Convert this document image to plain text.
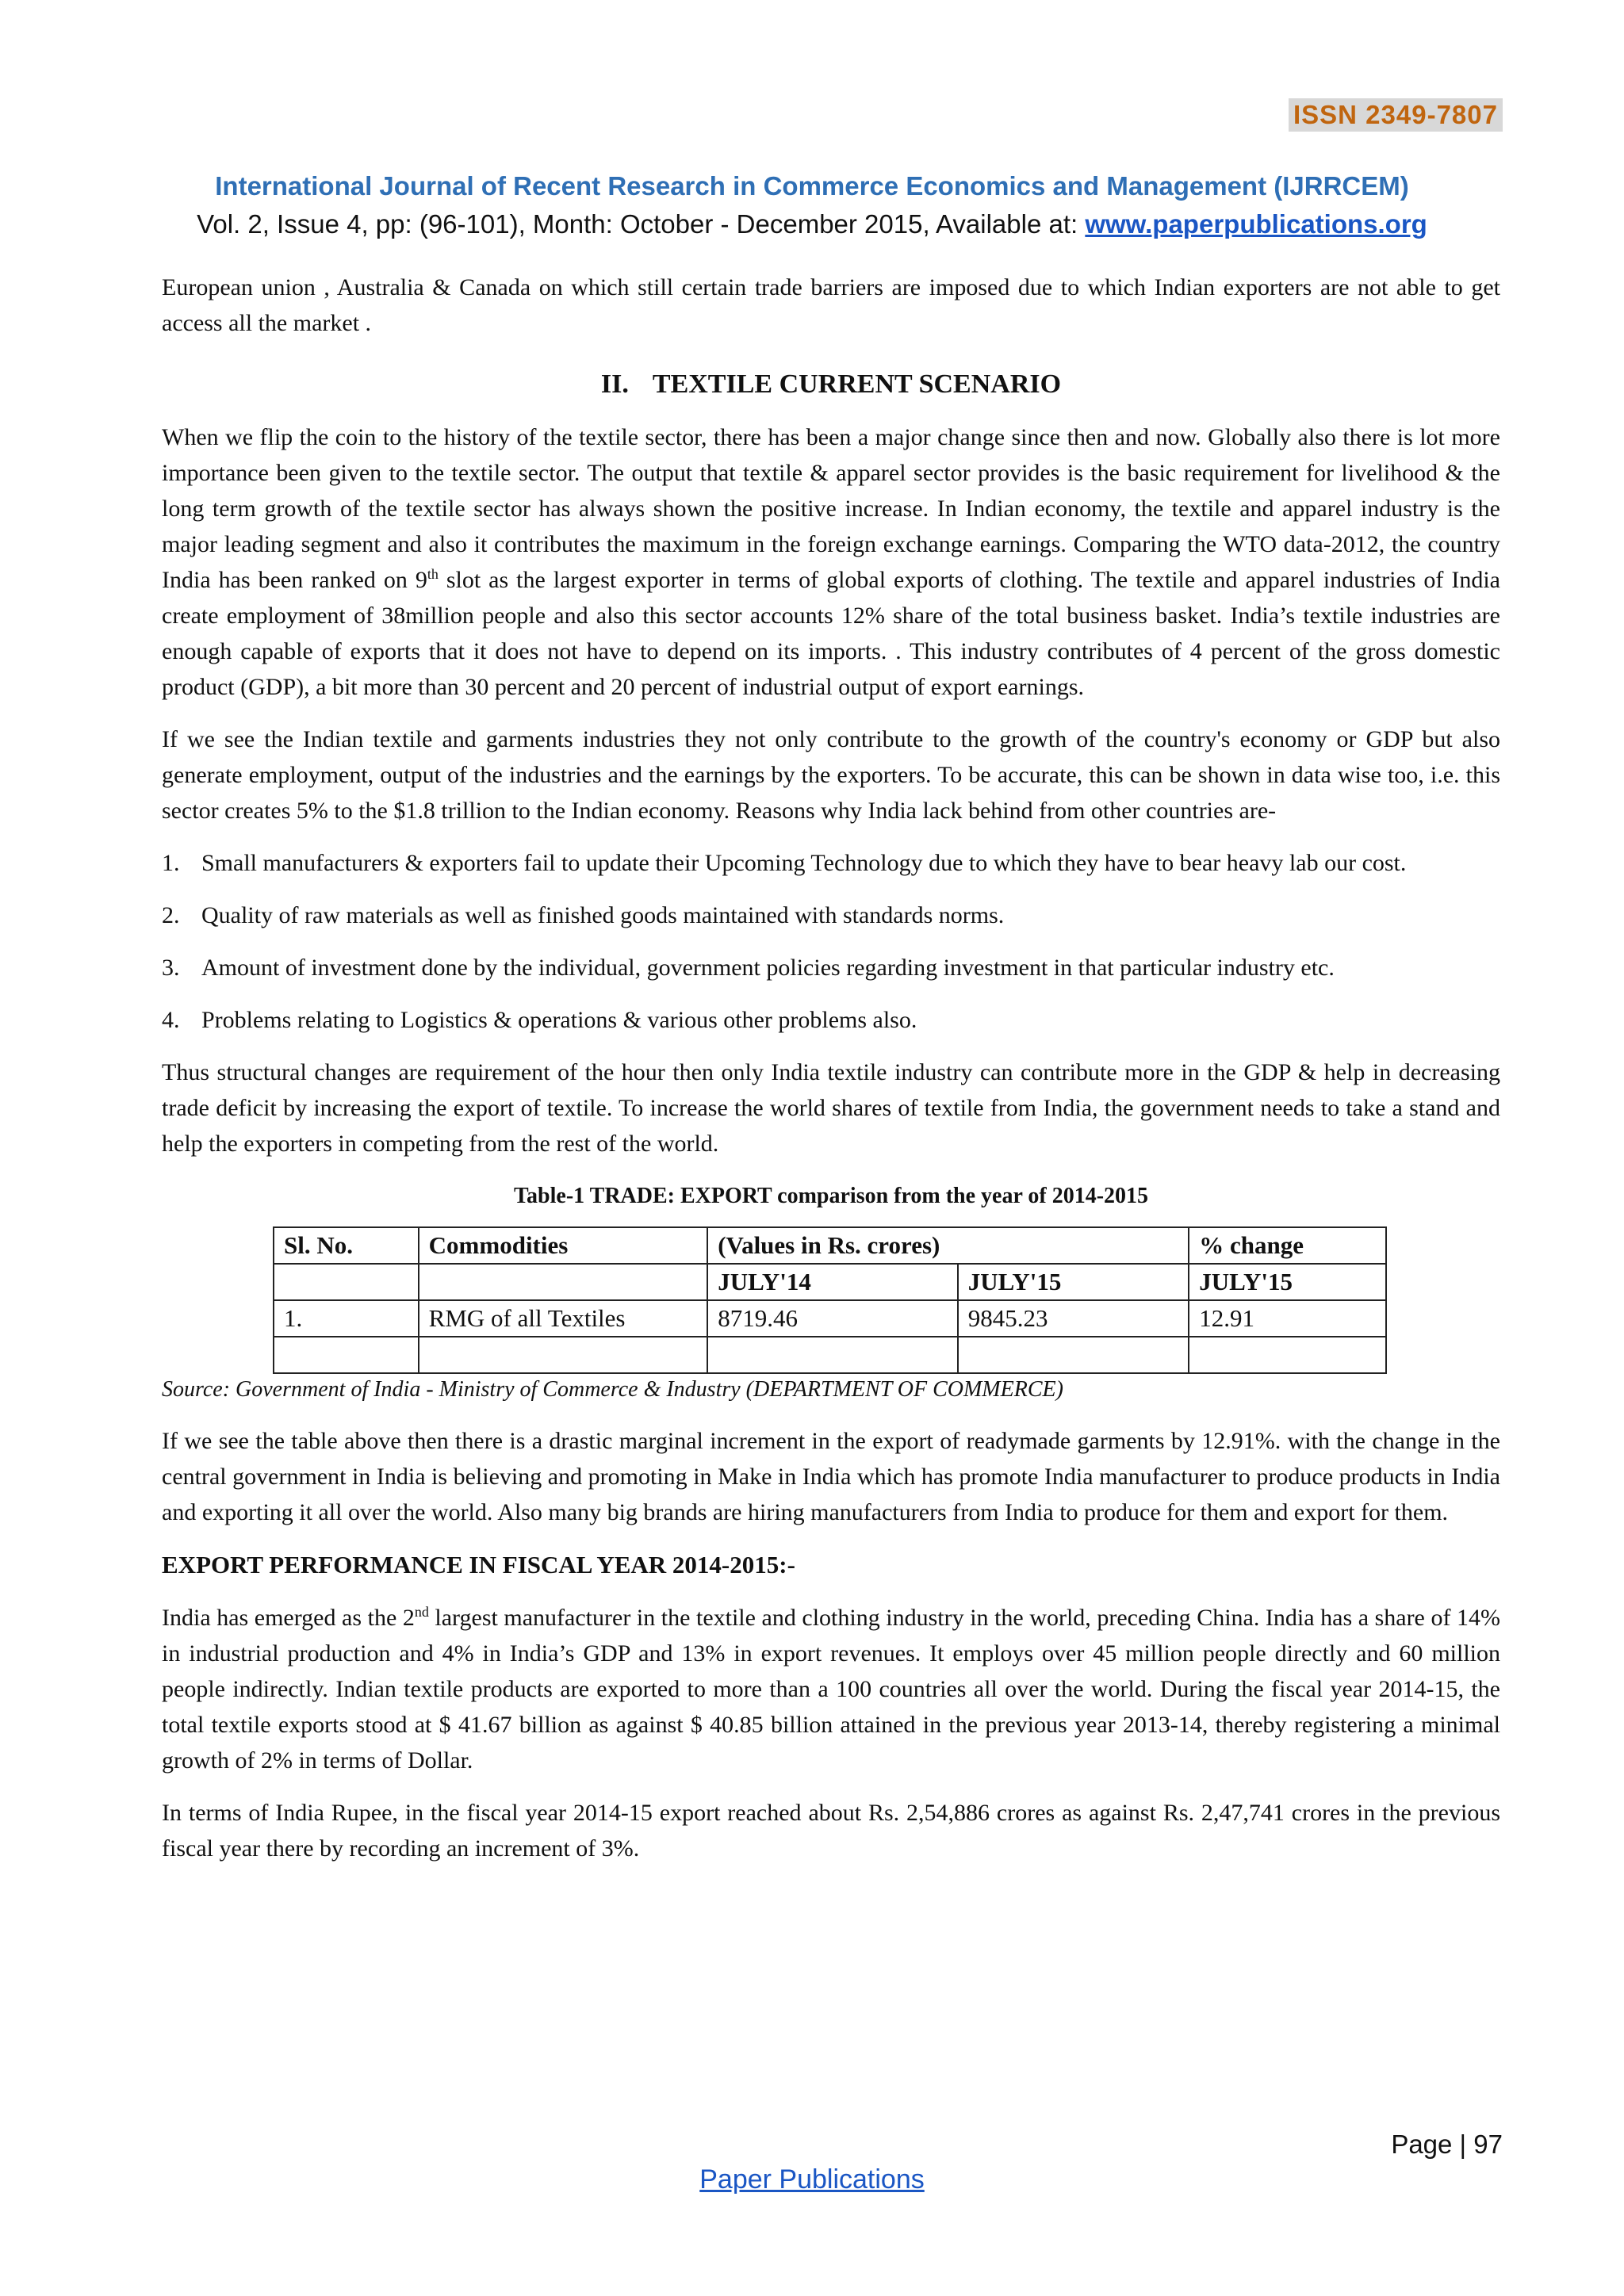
ISSN 2349-7807
International Journal of Recent Research in Commerce Economics and Management (IJRRCEM)
Vol. 2, Issue 4, pp: (96-101), Month: October - December 2015, Available at: www.paperpublications.org

European union , Australia & Canada on which still certain trade barriers are imposed due to which Indian exporters are not able to get access all the market .

II. TEXTILE CURRENT SCENARIO

When we flip the coin to the history of the textile sector, there has been a major change since then and now. Globally also there is lot more importance been given to the textile sector. The output that textile & apparel sector provides is the basic requirement for livelihood & the long term growth of the textile sector has always shown the positive increase. In Indian economy, the textile and apparel industry is the major leading segment and also it contributes the maximum in the foreign exchange earnings. Comparing the WTO data-2012, the country India has been ranked on 9th slot as the largest exporter in terms of global exports of clothing. The textile and apparel industries of India create employment of 38million people and also this sector accounts 12% share of the total business basket. India’s textile industries are enough capable of exports that it does not have to depend on its imports. . This industry contributes of 4 percent of the gross domestic product (GDP), a bit more than 30 percent and 20 percent of industrial output of export earnings.

If we see the Indian textile and garments industries they not only contribute to the growth of the country's economy or GDP but also generate employment, output of the industries and the earnings by the exporters. To be accurate, this can be shown in data wise too, i.e. this sector creates 5% to the $1.8 trillion to the Indian economy. Reasons why India lack behind from other countries are-

1. Small manufacturers & exporters fail to update their Upcoming Technology due to which they have to bear heavy lab our cost.
2. Quality of raw materials as well as finished goods maintained with standards norms.
3. Amount of investment done by the individual, government policies regarding investment in that particular industry etc.
4. Problems relating to Logistics & operations & various other problems also.

Thus structural changes are requirement of the hour then only India textile industry can contribute more in the GDP & help in decreasing trade deficit by increasing the export of textile. To increase the world shares of textile from India, the government needs to take a stand and help the exporters in competing from the rest of the world.

Table-1 TRADE: EXPORT comparison from the year of 2014-2015

Sl. No.	Commodities	(Values in Rs. crores)		% change
		JULY'14	JULY'15	JULY'15
1.	RMG of all Textiles	8719.46	9845.23	12.91

Source: Government of India - Ministry of Commerce & Industry (DEPARTMENT OF COMMERCE)

If we see the table above then there is a drastic marginal increment in the export of readymade garments by 12.91%. with the change in the central government in India is believing and promoting in Make in India which has promote India manufacturer to produce products in India and exporting it all over the world. Also many big brands are hiring manufacturers from India to produce for them and export for them.

EXPORT PERFORMANCE IN FISCAL YEAR 2014-2015:-

India has emerged as the 2nd largest manufacturer in the textile and clothing industry in the world, preceding China. India has a share of 14% in industrial production and 4% in India’s GDP and 13% in export revenues. It employs over 45 million people directly and 60 million people indirectly. Indian textile products are exported to more than a 100 countries all over the world. During the fiscal year 2014-15, the total textile exports stood at $ 41.67 billion as against $ 40.85 billion attained in the previous year 2013-14, thereby registering a minimal growth of 2% in terms of Dollar.

In terms of India Rupee, in the fiscal year 2014-15 export reached about Rs. 2,54,886 crores as against Rs. 2,47,741 crores in the previous fiscal year there by recording an increment of 3%.

Page | 97
Paper Publications
